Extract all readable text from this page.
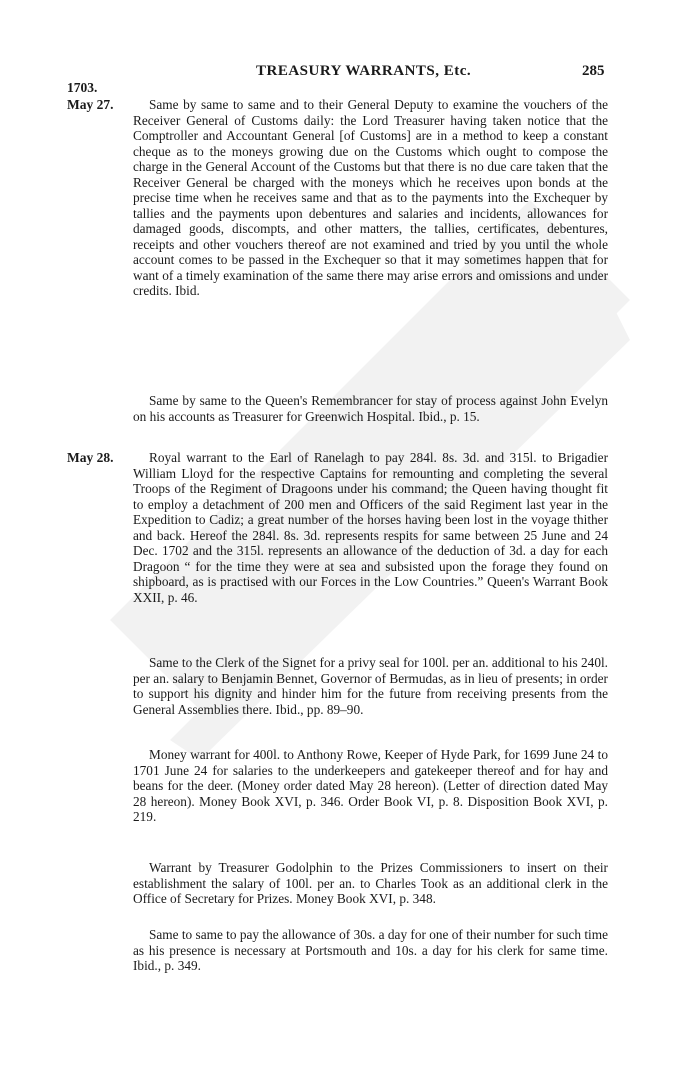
TREASURY WARRANTS, Etc.	285
1703.
May 27.
May 28.

Same by same to same and to their General Deputy to examine the vouchers of the Receiver General of Customs daily: the Lord Treasurer having taken notice that the Comptroller and Accountant General [of Customs] are in a method to keep a constant cheque as to the moneys growing due on the Customs which ought to compose the charge in the General Account of the Customs but that there is no due care taken that the Receiver General be charged with the moneys which he receives upon bonds at the precise time when he receives same and that as to the payments into the Exchequer by tallies and the payments upon debentures and salaries and incidents, allowances for damaged goods, discompts, and other matters, the tallies, certificates, debentures, receipts and other vouchers thereof are not examined and tried by you until the whole account comes to be passed in the Exchequer so that it may sometimes happen that for want of a timely examination of the same there may arise errors and omissions and under credits. Ibid.

Same by same to the Queen's Remembrancer for stay of process against John Evelyn on his accounts as Treasurer for Greenwich Hospital. Ibid., p. 15.

Royal warrant to the Earl of Ranelagh to pay 284l. 8s. 3d. and 315l. to Brigadier William Lloyd for the respective Captains for remounting and completing the several Troops of the Regiment of Dragoons under his command; the Queen having thought fit to employ a detachment of 200 men and Officers of the said Regiment last year in the Expedition to Cadiz; a great number of the horses having been lost in the voyage thither and back. Hereof the 284l. 8s. 3d. represents respits for same between 25 June and 24 Dec. 1702 and the 315l. represents an allowance of the deduction of 3d. a day for each Dragoon “ for the time they were at sea and subsisted upon the forage they found on shipboard, as is practised with our Forces in the Low Countries.” Queen's Warrant Book XXII, p. 46.

Same to the Clerk of the Signet for a privy seal for 100l. per an. additional to his 240l. per an. salary to Benjamin Bennet, Governor of Bermudas, as in lieu of presents; in order to support his dignity and hinder him for the future from receiving presents from the General Assemblies there. Ibid., pp. 89–90.

Money warrant for 400l. to Anthony Rowe, Keeper of Hyde Park, for 1699 June 24 to 1701 June 24 for salaries to the underkeepers and gatekeeper thereof and for hay and beans for the deer. (Money order dated May 28 hereon). (Letter of direction dated May 28 hereon). Money Book XVI, p. 346. Order Book VI, p. 8. Disposition Book XVI, p. 219.

Warrant by Treasurer Godolphin to the Prizes Commissioners to insert on their establishment the salary of 100l. per an. to Charles Took as an additional clerk in the Office of Secretary for Prizes. Money Book XVI, p. 348.

Same to same to pay the allowance of 30s. a day for one of their number for such time as his presence is necessary at Portsmouth and 10s. a day for his clerk for same time. Ibid., p. 349.
